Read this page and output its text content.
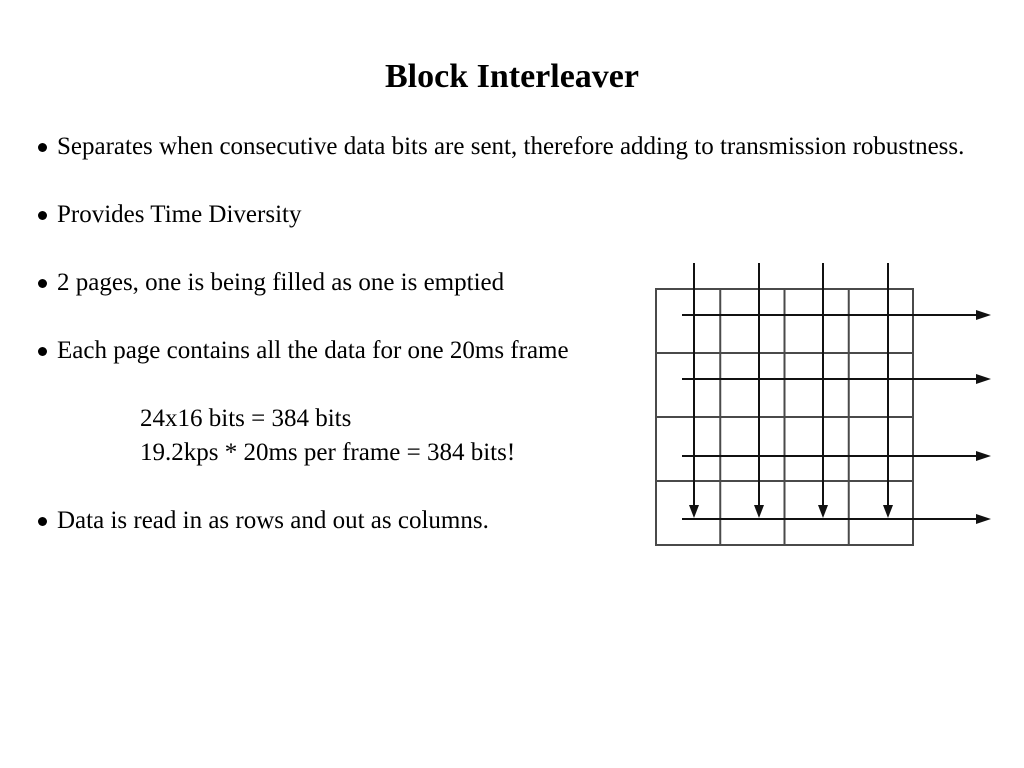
Block Interleaver
Separates when consecutive data bits are sent, therefore adding to transmission robustness.
Provides Time Diversity
2 pages, one is being filled as one is emptied
Each page contains all the data for one 20ms frame
24x16 bits = 384 bits
19.2kps * 20ms per frame = 384 bits!
Data is read in as rows and out as columns.
